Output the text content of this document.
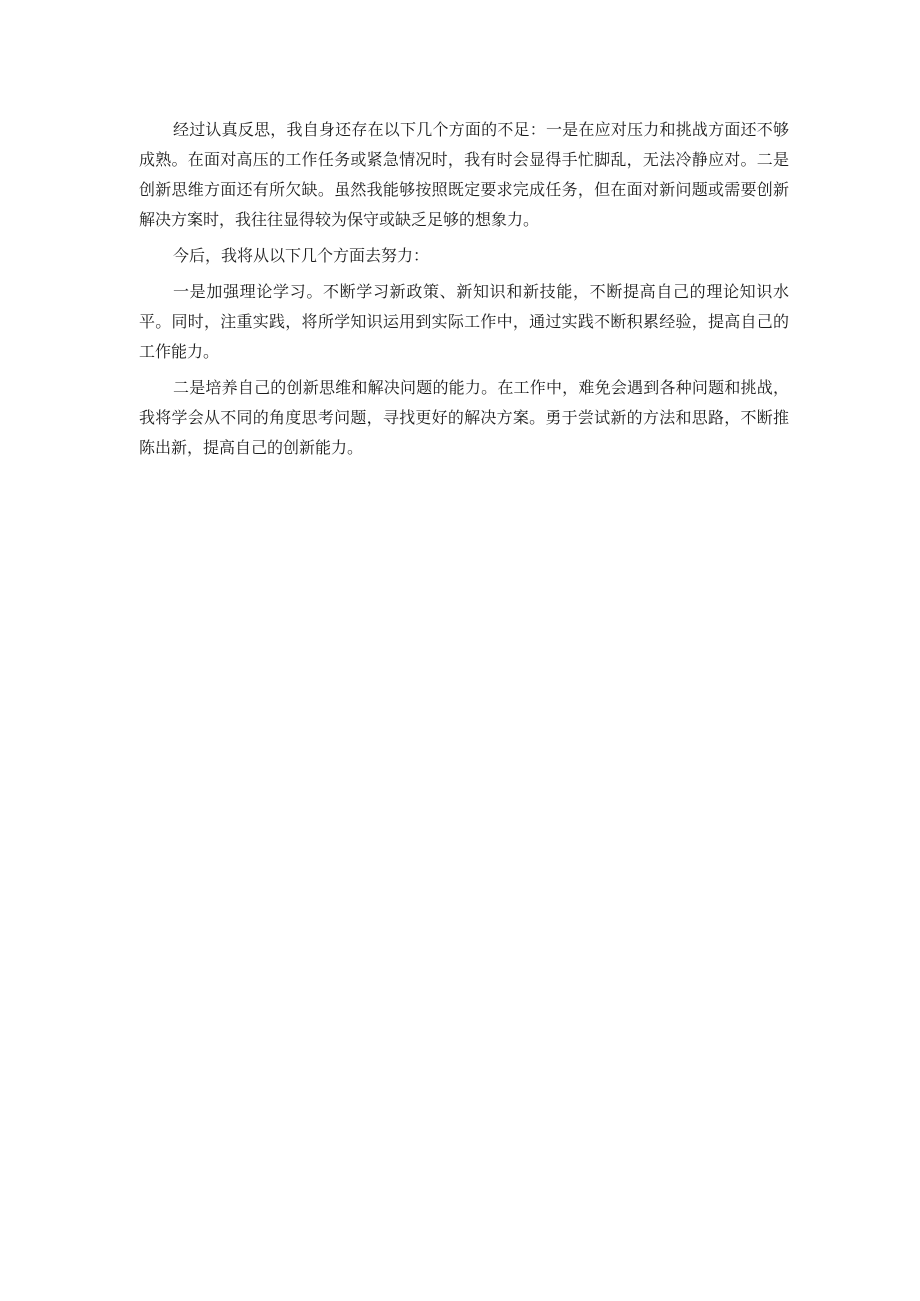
经过认真反思，我自身还存在以下几个方面的不足：一是在应对压力和挑战方面还不够成熟。在面对高压的工作任务或紧急情况时，我有时会显得手忙脚乱，无法冷静应对。二是创新思维方面还有所欠缺。虽然我能够按照既定要求完成任务，但在面对新问题或需要创新解决方案时，我往往显得较为保守或缺乏足够的想象力。

今后，我将从以下几个方面去努力：

一是加强理论学习。不断学习新政策、新知识和新技能，不断提高自己的理论知识水平。同时，注重实践，将所学知识运用到实际工作中，通过实践不断积累经验，提高自己的工作能力。

二是培养自己的创新思维和解决问题的能力。在工作中，难免会遇到各种问题和挑战，我将学会从不同的角度思考问题，寻找更好的解决方案。勇于尝试新的方法和思路，不断推陈出新，提高自己的创新能力。
